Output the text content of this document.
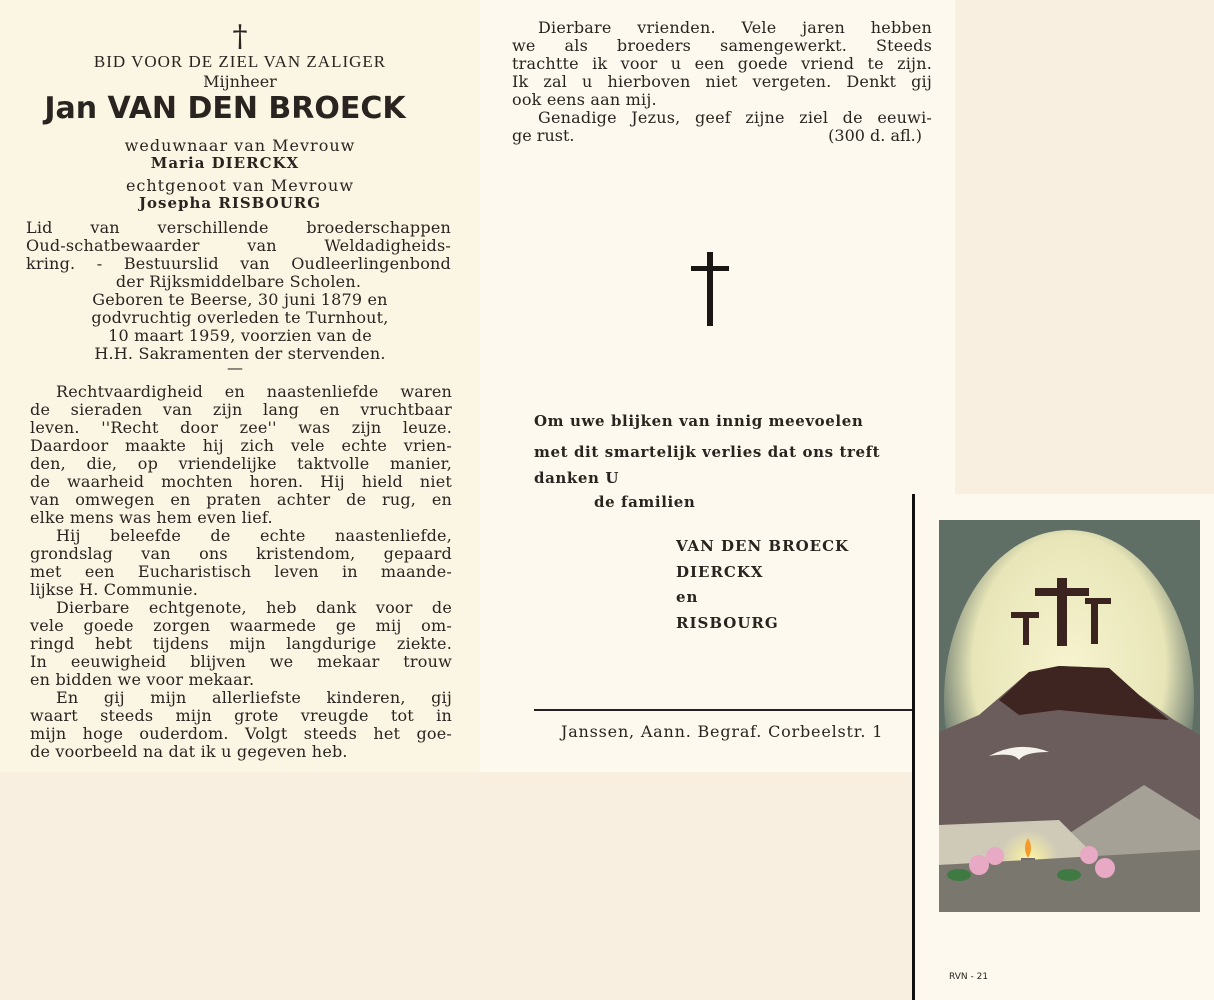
†
BID VOOR DE ZIEL VAN ZALIGER
Mijnheer
Jan VAN DEN BROECK
weduwnaar van Mevrouw
Maria DIERCKX
echtgenoot van Mevrouw
Josepha RISBOURG
Lid van verschillende broederschappen
Oud-schatbewaarder van Weldadigheids-
kring. - Bestuurslid van Oudleerlingenbond
der Rijksmiddelbare Scholen.
Geboren te Beerse, 30 juni 1879 en
godvruchtig overleden te Turnhout,
10 maart 1959, voorzien van de
H.H. Sakramenten der stervenden.
—
Rechtvaardigheid en naastenliefde waren
de sieraden van zijn lang en vruchtbaar
leven. ''Recht door zee'' was zijn leuze.
Daardoor maakte hij zich vele echte vrien-
den, die, op vriendelijke taktvolle manier,
de waarheid mochten horen. Hij hield niet
van omwegen en praten achter de rug, en
elke mens was hem even lief.
Hij beleefde de echte naastenliefde,
grondslag van ons kristendom, gepaard
met een Eucharistisch leven in maande-
lijkse H. Communie.
Dierbare echtgenote, heb dank voor de
vele goede zorgen waarmede ge mij om-
ringd hebt tijdens mijn langdurige ziekte.
In eeuwigheid blijven we mekaar trouw
en bidden we voor mekaar.
En gij mijn allerliefste kinderen, gij
waart steeds mijn grote vreugde tot in
mijn hoge ouderdom. Volgt steeds het goe-
de voorbeeld na dat ik u gegeven heb.
Dierbare vrienden. Vele jaren hebben
we als broeders samengewerkt. Steeds
trachtte ik voor u een goede vriend te zijn.
Ik zal u hierboven niet vergeten. Denkt gij
ook eens aan mij.
Genadige Jezus, geef zijne ziel de eeuwi-
ge rust.	(300 d. afl.)
Om uwe blijken van innig meevoelen
met dit smartelijk verlies dat ons treft
danken U
de familien
VAN DEN BROECK
DIERCKX
en
RISBOURG
Janssen, Aann. Begraf. Corbeelstr. 1
RVN - 21
